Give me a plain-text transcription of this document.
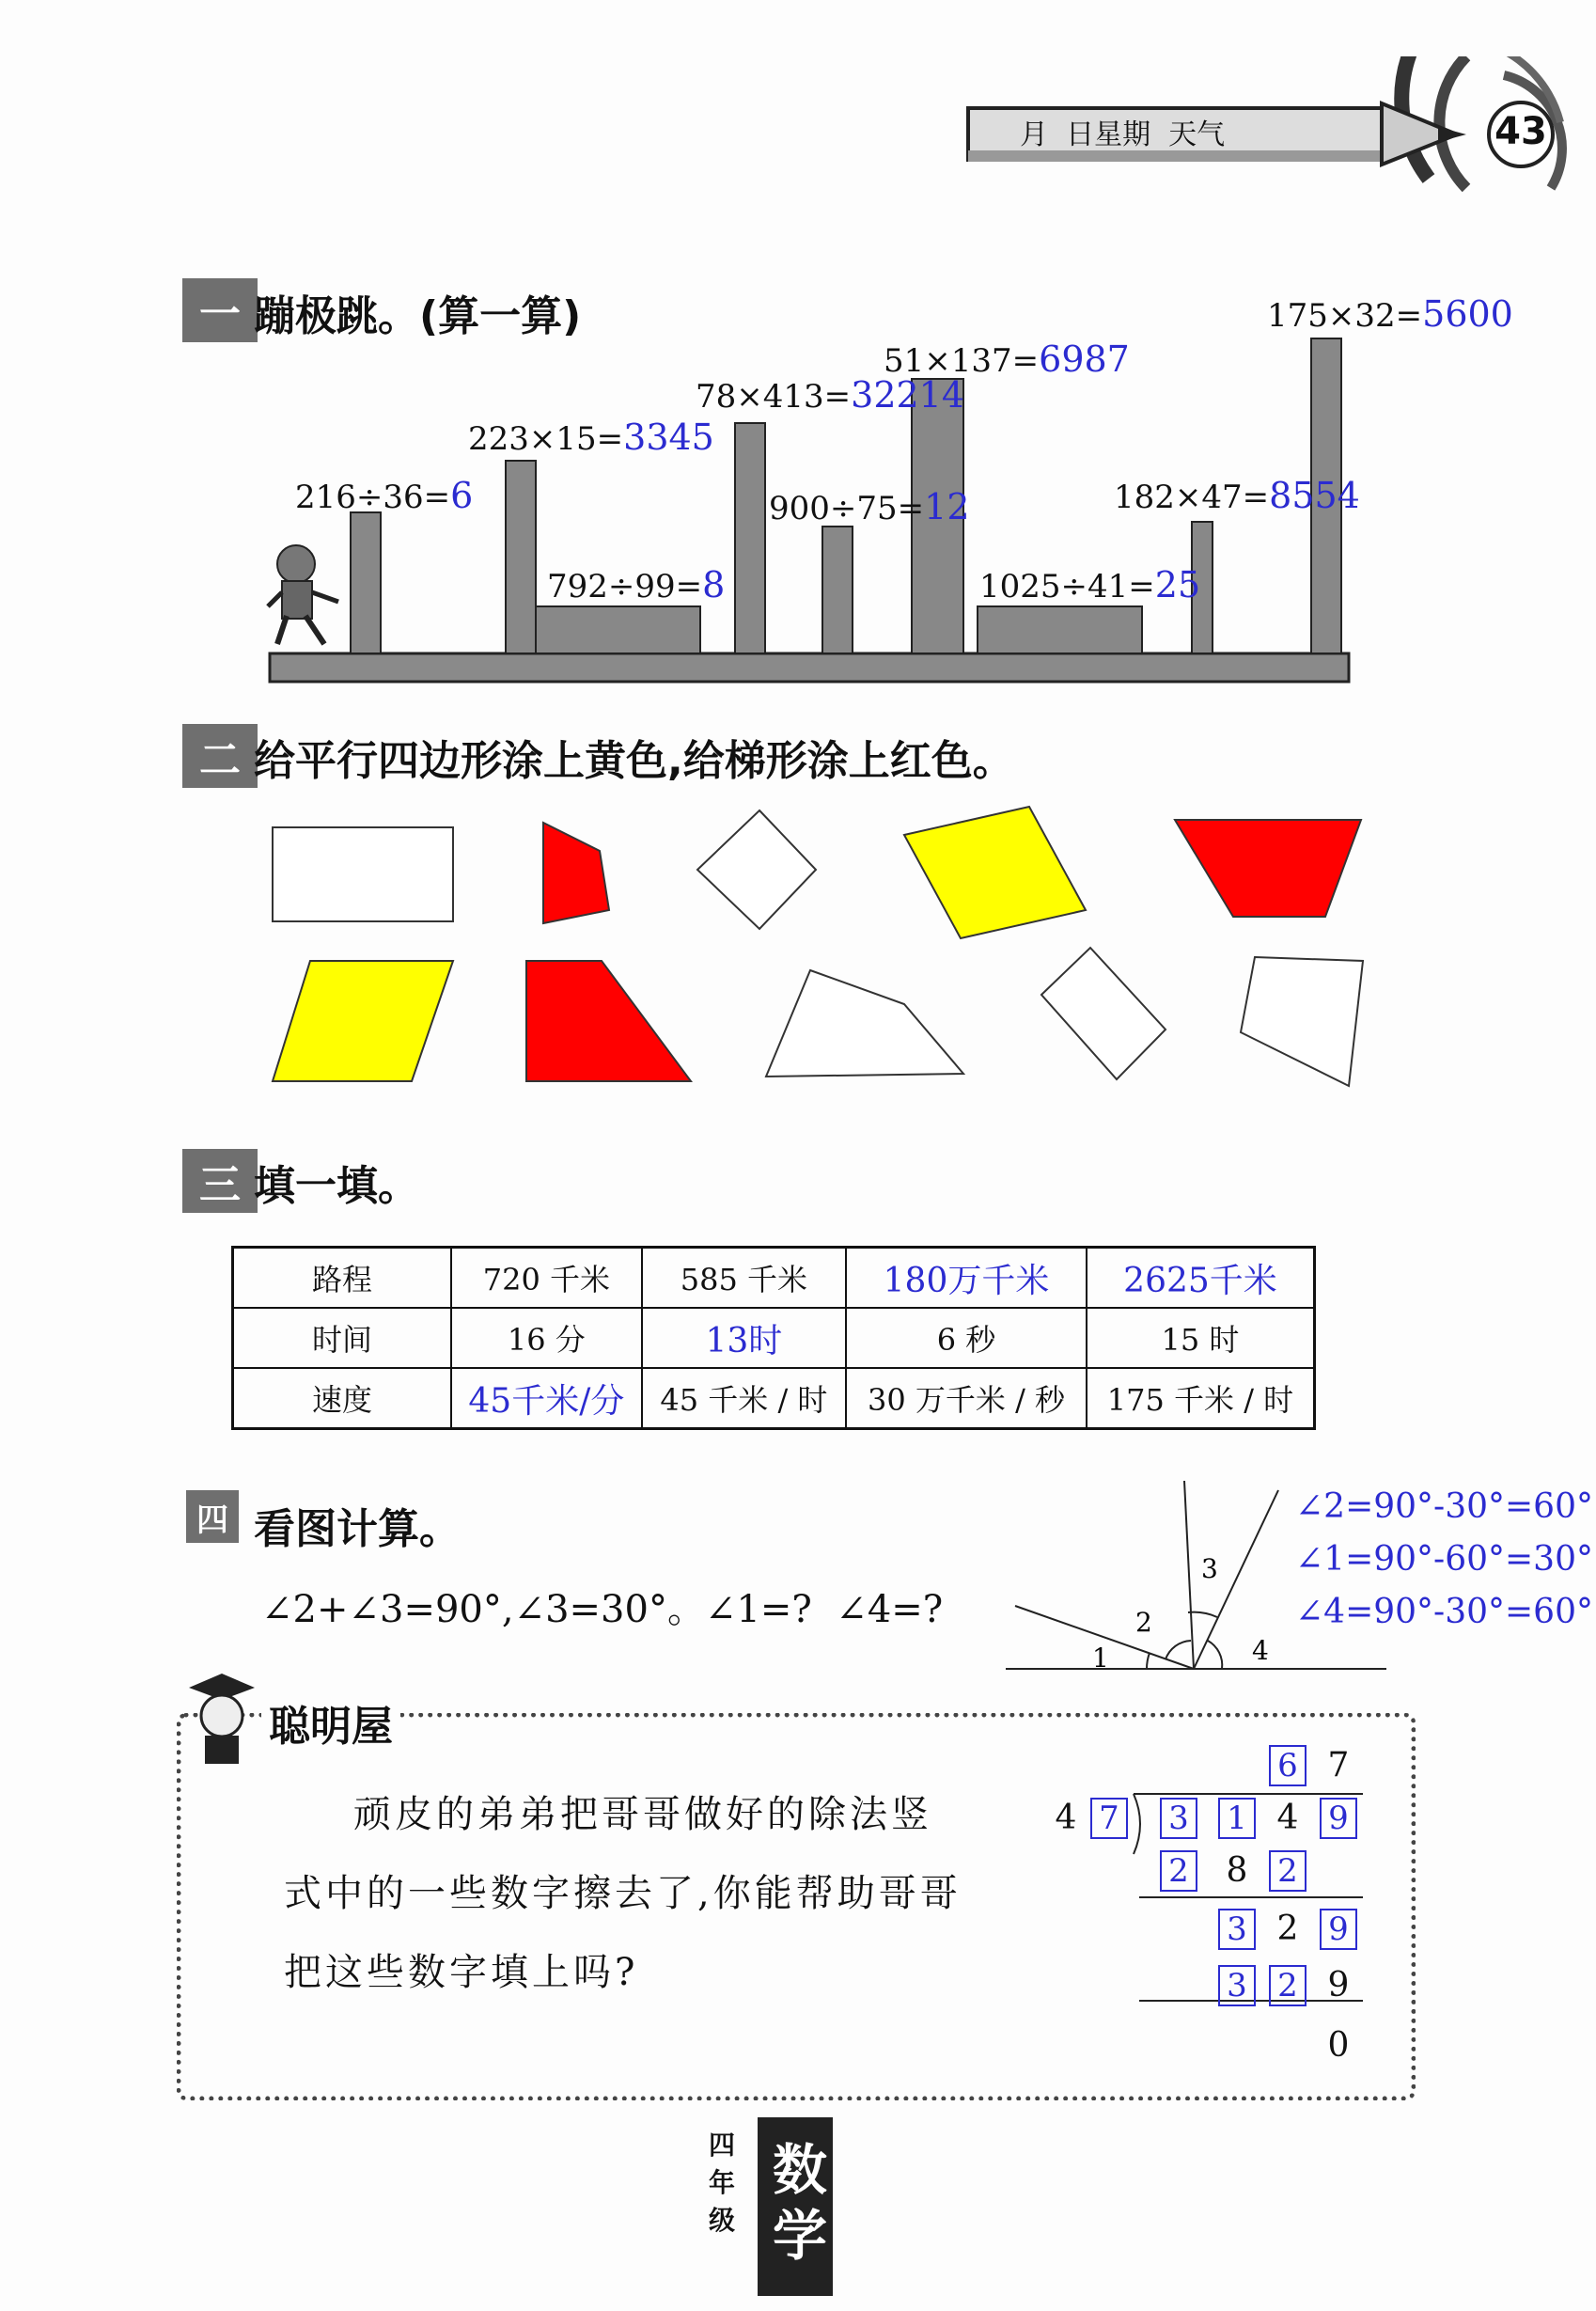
月  日星期  天气	43
一 蹦极跳。(算一算)
216÷36=6
223×15=3345
792÷99=8
78×413=32214
900÷75=12
51×137=6987
1025÷41=25
182×47=8554
175×32=5600
二 给平行四边形涂上黄色,给梯形涂上红色。
三 填一填。
路程	720 千米	585 千米	180万千米	2625千米
时间	16 分	13时	6 秒	15 时
速度	45千米/分	45 千米 / 时	30 万千米 / 秒	175 千米 / 时
四 看图计算。
∠2+∠3=90°,∠3=30°。∠1=?  ∠4=?
1
2
3
4
∠2=90°-30°=60°
∠1=90°-60°=30°
∠4=90°-30°=60°
聪明屋
顽皮的弟弟把哥哥做好的除法竖
式中的一些数字擦去了,你能帮助哥哥
把这些数字填上吗?
6 7
4 7 3 1 4 9
2 8 2
3 2 9
3 2 9
0
四
年
级 数学
